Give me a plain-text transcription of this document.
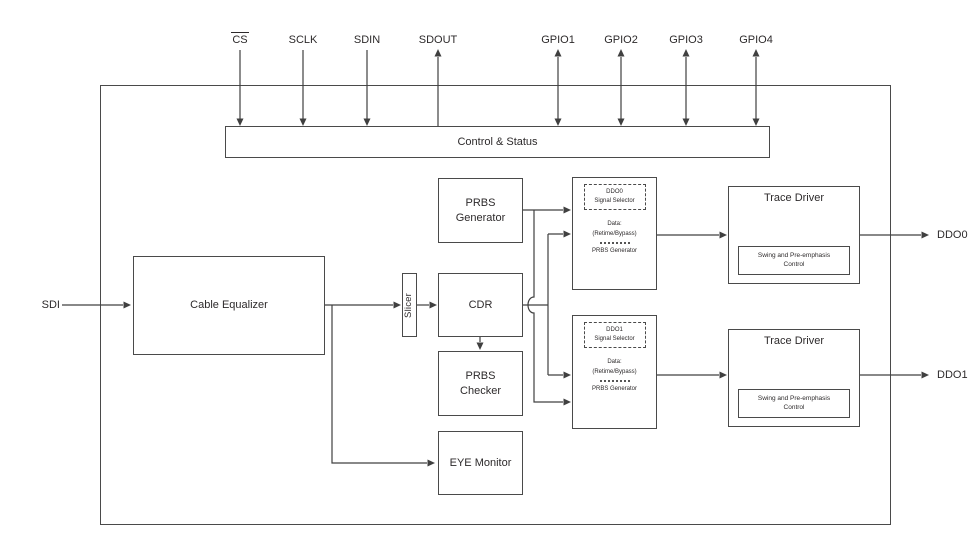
CS	SCLK	SDIN	SDOUT	GPIO1	GPIO2	GPIO3	GPIO4
SDI
DDO0
DDO1
Control & Status
Cable Equalizer	Slicer
PRBS Generator
CDR
PRBS Checker
EYE Monitor
DDO0
Signal Selector
Data:
(Retime/Bypass)
PRBS Generator
DDO1
Signal Selector
Data:
(Retime/Bypass)
PRBS Generator
Trace Driver
Swing and Pre-emphasis Control
Trace Driver
Swing and Pre-emphasis Control
